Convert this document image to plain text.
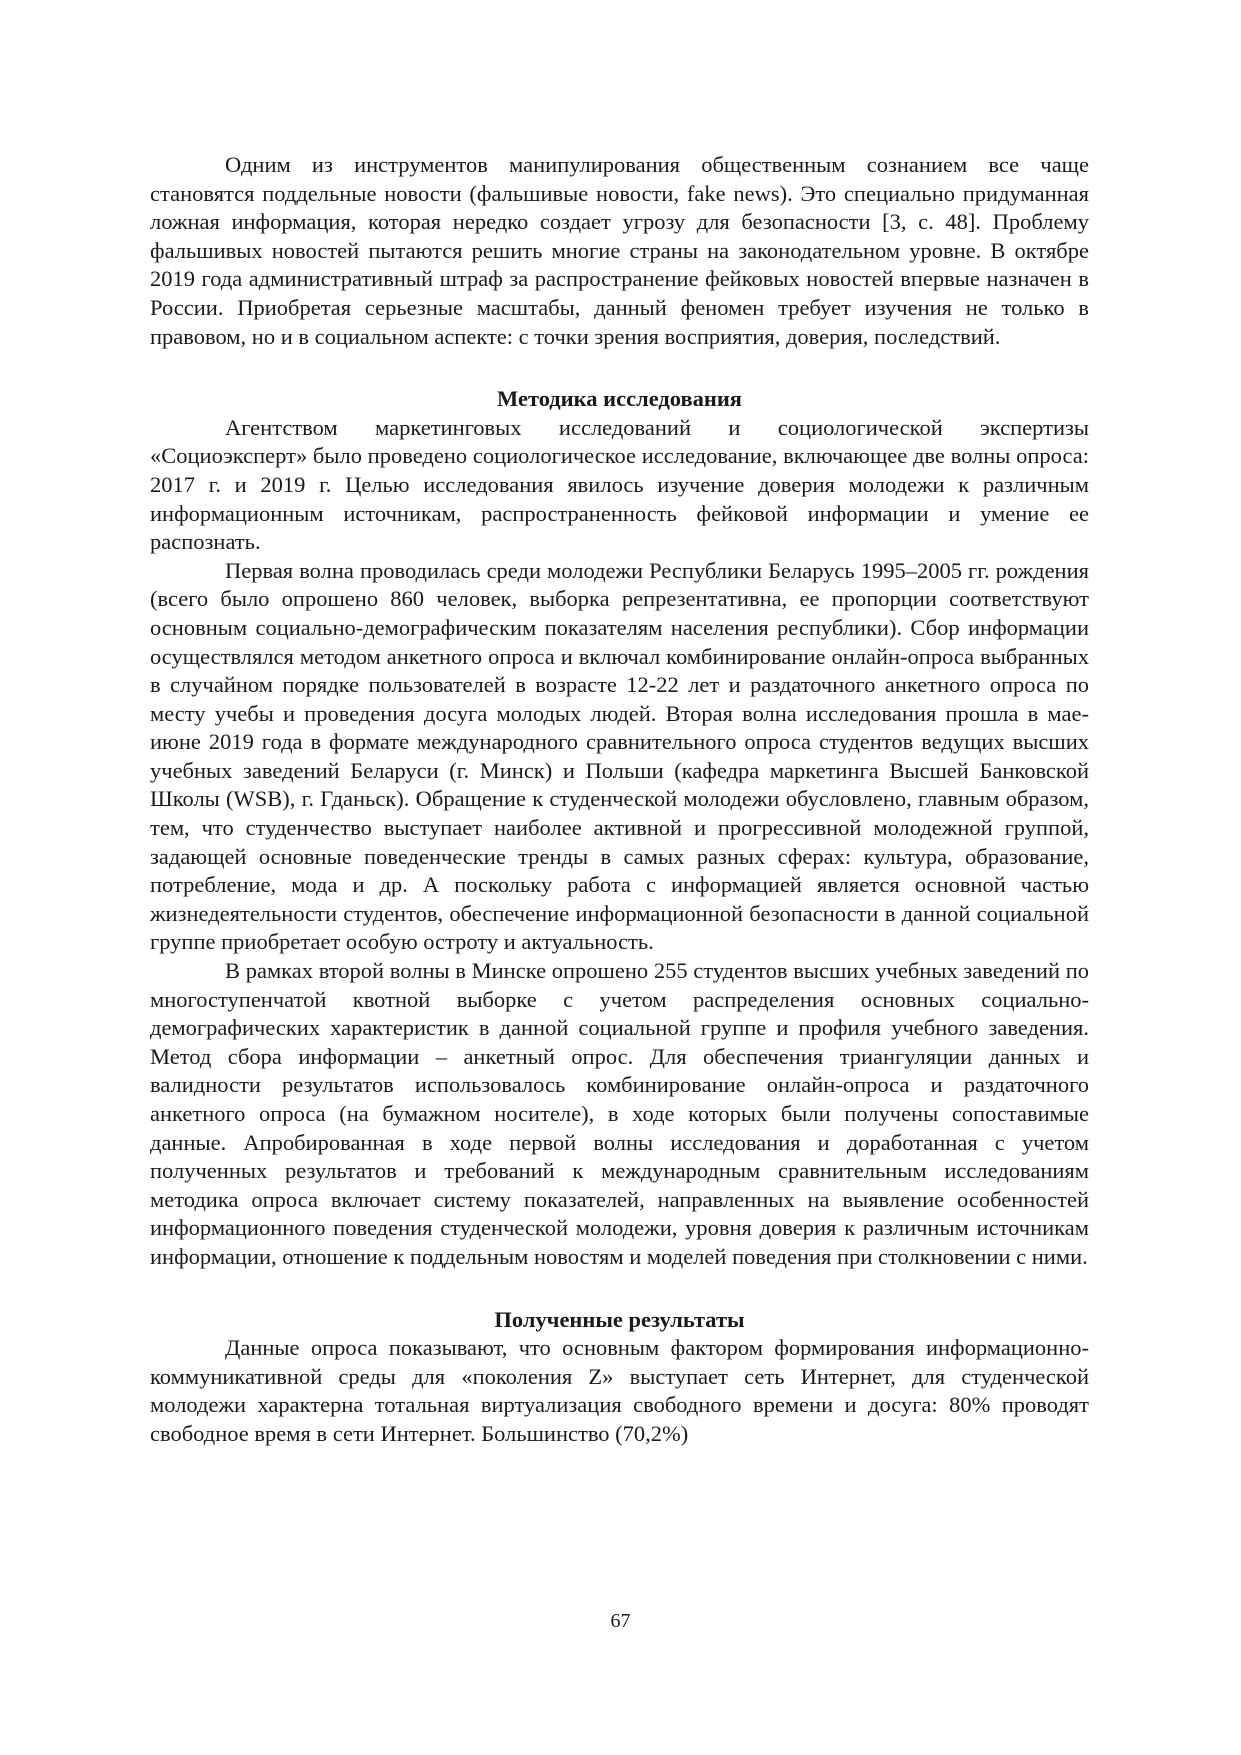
Одним из инструментов манипулирования общественным сознанием все чаще становятся поддельные новости (фальшивые новости, fake news). Это специально придуманная ложная информация, которая нередко создает угрозу для безопасности [3, с. 48]. Проблему фальшивых новостей пытаются решить многие страны на законодательном уровне. В октябре 2019 года административный штраф за распространение фейковых новостей впервые назначен в России. Приобретая серьезные масштабы, данный феномен требует изучения не только в правовом, но и в социальном аспекте: с точки зрения восприятия, доверия, последствий.

Методика исследования

Агентством маркетинговых исследований и социологической экспертизы «Социоэксперт» было проведено социологическое исследование, включающее две волны опроса: 2017 г. и 2019 г. Целью исследования явилось изучение доверия молодежи к различным информационным источникам, распространенность фейковой информации и умение ее распознать.

Первая волна проводилась среди молодежи Республики Беларусь 1995–2005 гг. рождения (всего было опрошено 860 человек, выборка репрезентативна, ее пропорции соответствуют основным социально-демографическим показателям населения республики). Сбор информации осуществлялся методом анкетного опроса и включал комбинирование онлайн-опроса выбранных в случайном порядке пользователей в возрасте 12-22 лет и раздаточного анкетного опроса по месту учебы и проведения досуга молодых людей. Вторая волна исследования прошла в мае-июне 2019 года в формате международного сравнительного опроса студентов ведущих высших учебных заведений Беларуси (г. Минск) и Польши (кафедра маркетинга Высшей Банковской Школы (WSB), г. Гданьск). Обращение к студенческой молодежи обусловлено, главным образом, тем, что студенчество выступает наиболее активной и прогрессивной молодежной группой, задающей основные поведенческие тренды в самых разных сферах: культура, образование, потребление, мода и др. А поскольку работа с информацией является основной частью жизнедеятельности студентов, обеспечение информационной безопасности в данной социальной группе приобретает особую остроту и актуальность.

В рамках второй волны в Минске опрошено 255 студентов высших учебных заведений по многоступенчатой квотной выборке с учетом распределения основных социально-демографических характеристик в данной социальной группе и профиля учебного заведения. Метод сбора информации – анкетный опрос. Для обеспечения триангуляции данных и валидности результатов использовалось комбинирование онлайн-опроса и раздаточного анкетного опроса (на бумажном носителе), в ходе которых были получены сопоставимые данные. Апробированная в ходе первой волны исследования и доработанная с учетом полученных результатов и требований к международным сравнительным исследованиям методика опроса включает систему показателей, направленных на выявление особенностей информационного поведения студенческой молодежи, уровня доверия к различным источникам информации, отношение к поддельным новостям и моделей поведения при столкновении с ними.

Полученные результаты

Данные опроса показывают, что основным фактором формирования информационно-коммуникативной среды для «поколения Z» выступает сеть Интернет, для студенческой молодежи характерна тотальная виртуализация свободного времени и досуга: 80% проводят свободное время в сети Интернет. Большинство (70,2%)

67
